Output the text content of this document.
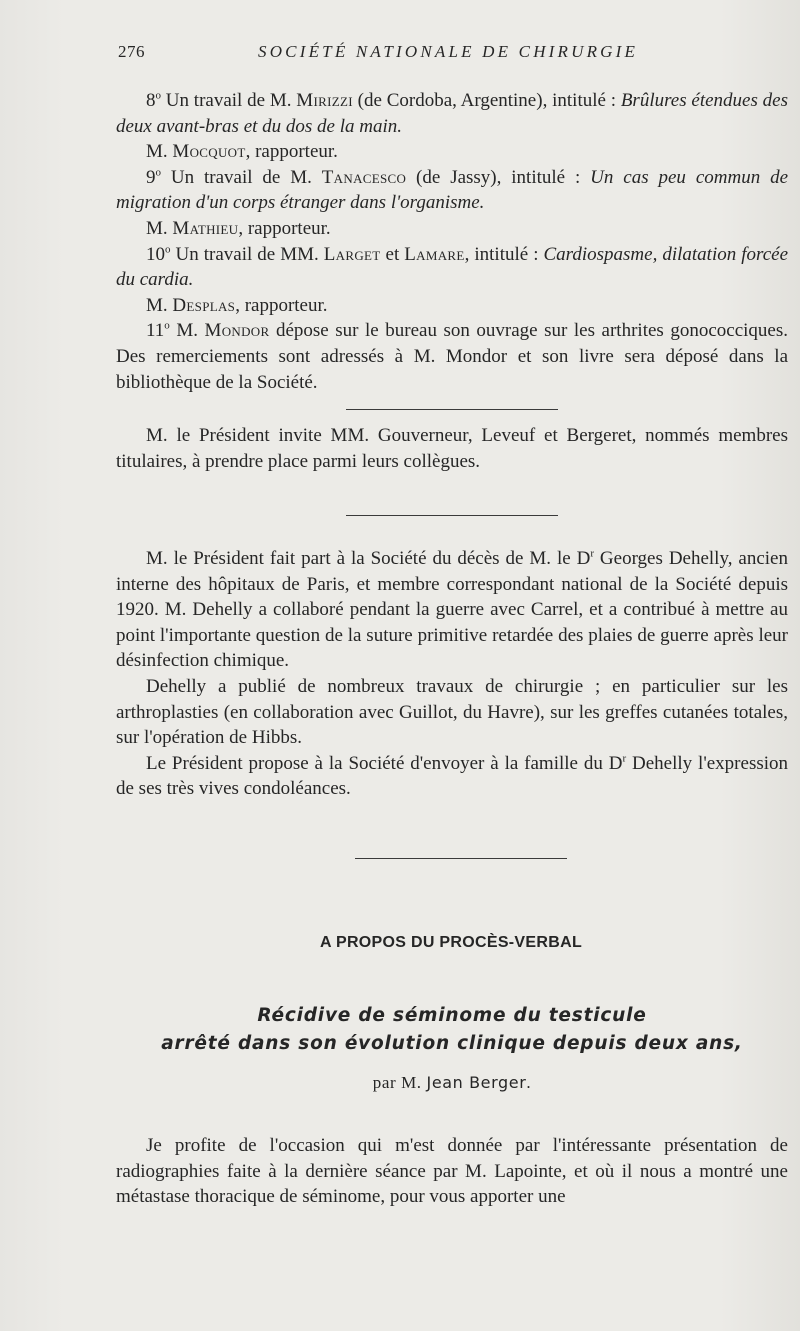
276	SOCIÉTÉ NATIONALE DE CHIRURGIE

8$^o$ Un travail de M. Mirizzi (de Cordoba, Argentine), intitulé : Brûlures étendues des deux avant-bras et du dos de la main.

M. Mocquot, rapporteur.

9$^o$ Un travail de M. Tanacesco (de Jassy), intitulé : Un cas peu commun de migration d'un corps étranger dans l'organisme.

M. Mathieu, rapporteur.

10$^o$ Un travail de MM. Larget et Lamare, intitulé : Cardiospasme, dilatation forcée du cardia.

M. Desplas, rapporteur.

11$^o$ M. Mondor dépose sur le bureau son ouvrage sur les arthrites gonococciques. Des remerciements sont adressés à M. Mondor et son livre sera déposé dans la bibliothèque de la Société.

M. le Président invite MM. Gouverneur, Leveuf et Bergeret, nommés membres titulaires, à prendre place parmi leurs collègues.

M. le Président fait part à la Société du décès de M. le $D^r$ Georges Dehelly, ancien interne des hôpitaux de Paris, et membre correspondant national de la Société depuis 1920. M. Dehelly a collaboré pendant la guerre avec Carrel, et a contribué à mettre au point l'importante question de la suture primitive retardée des plaies de guerre après leur désinfection chimique.

Dehelly a publié de nombreux travaux de chirurgie ; en particulier sur les arthroplasties (en collaboration avec Guillot, du Havre), sur les greffes cutanées totales, sur l'opération de Hibbs.

Le Président propose à la Société d'envoyer à la famille du $D^r$ Dehelly l'expression de ses très vives condoléances.

A PROPOS DU PROCÈS-VERBAL
Récidive de séminome du testicule
arrêté dans son évolution clinique depuis deux ans,
par M. Jean Berger.

Je profite de l'occasion qui m'est donnée par l'intéressante présentation de radiographies faite à la dernière séance par M. Lapointe, et où il nous a montré une métastase thoracique de séminome, pour vous apporter une
